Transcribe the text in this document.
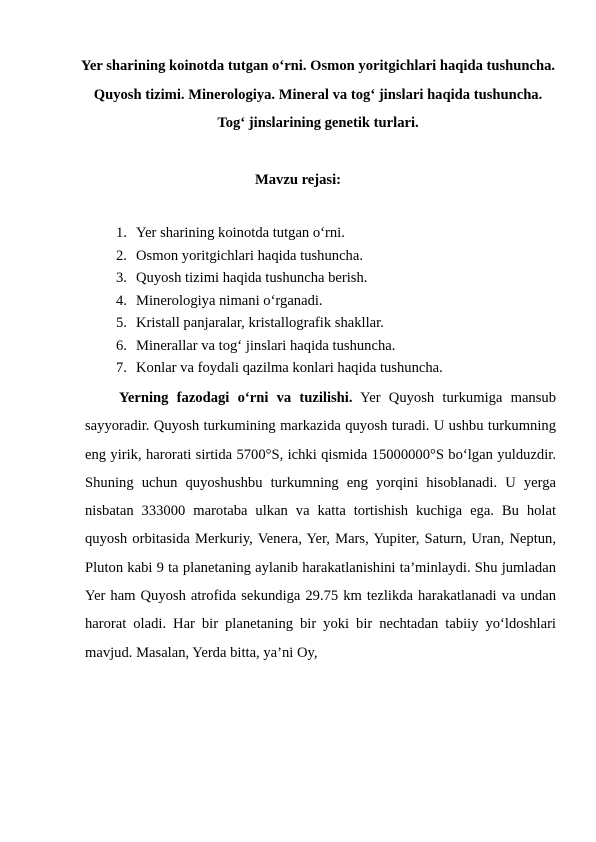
Yer sharining koinotda tutgan o‘rni. Osmon yoritgichlari haqida tushuncha. Quyosh tizimi. Minerologiya. Mineral va tog‘ jinslari haqida tushuncha. Tog‘ jinslarining genetik turlari.
Mavzu rejasi:
1. Yer sharining koinotda tutgan o‘rni.
2. Osmon yoritgichlari haqida tushuncha.
3. Quyosh tizimi haqida tushuncha berish.
4. Minerologiya nimani o‘rganadi.
5. Kristall panjaralar, kristallografik shakllar.
6. Minerallar va tog‘ jinslari haqida tushuncha.
7. Konlar va foydali qazilma konlari haqida tushuncha.

Yerning fazodagi o‘rni va tuzilishi. Yer Quyosh turkumiga mansub sayyoradir. Quyosh turkumining markazida quyosh turadi. U ushbu turkumning eng yirik, harorati sirtida 5700°S, ichki qismida 15000000°S bo‘lgan yulduzdir. Shuning uchun quyoshushbu turkumning eng yorqini hisoblanadi. U yerga nisbatan 333000 marotaba ulkan va katta tortishish kuchiga ega. Bu holat quyosh orbitasida Merkuriy, Venera, Yer, Mars, Yupiter, Saturn, Uran, Neptun, Pluton kabi 9 ta planetaning aylanib harakatlanishini ta’minlaydi. Shu jumladan Yer ham Quyosh atrofida sekundiga 29.75 km tezlikda harakatlanadi va undan harorat oladi. Har bir planetaning bir yoki bir nechtadan tabiiy yo‘ldoshlari mavjud. Masalan, Yerda bitta, ya’ni Oy,
